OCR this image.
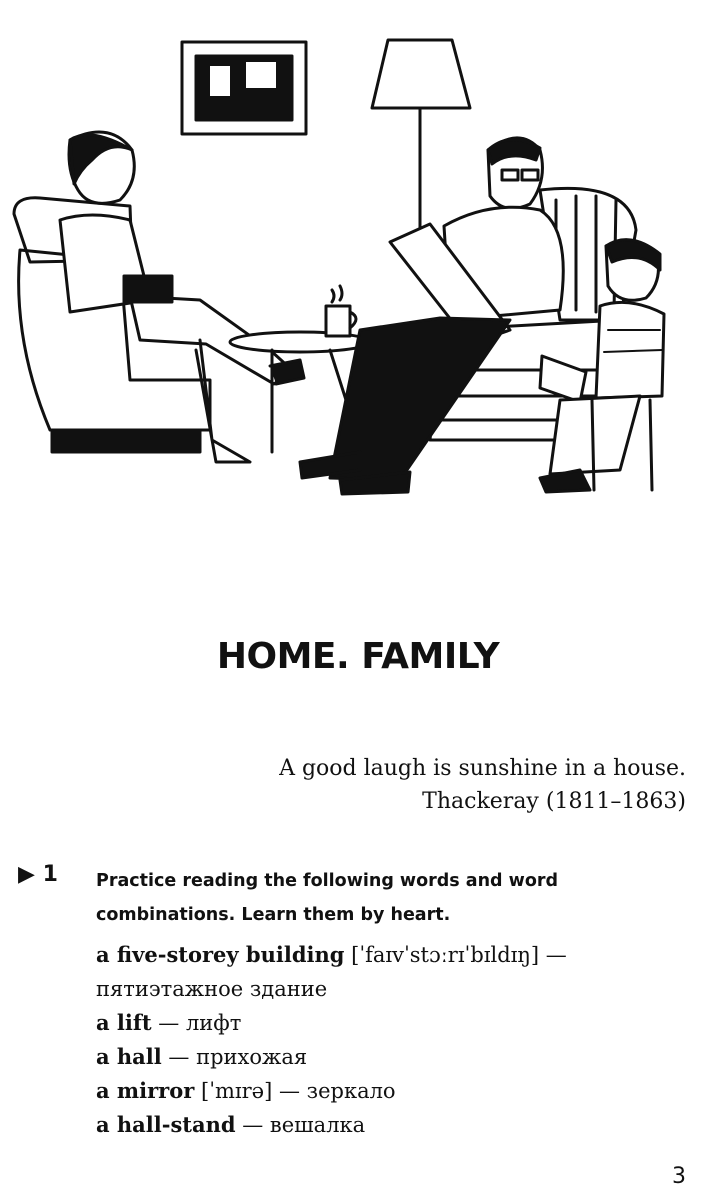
HOME. FAMILY
A good laugh is sunshine in a house.
Thackeray (1811–1863)
▶ 1 Practice reading the following words and word combinations. Learn them by heart.
a five-storey building [ˈfaɪvˈstɔːrɪˈbɪldɪŋ] — пятиэтажное здание
a lift — лифт
a hall — прихожая
a mirror [ˈmɪrə] — зеркало
a hall-stand — вешалка
3
